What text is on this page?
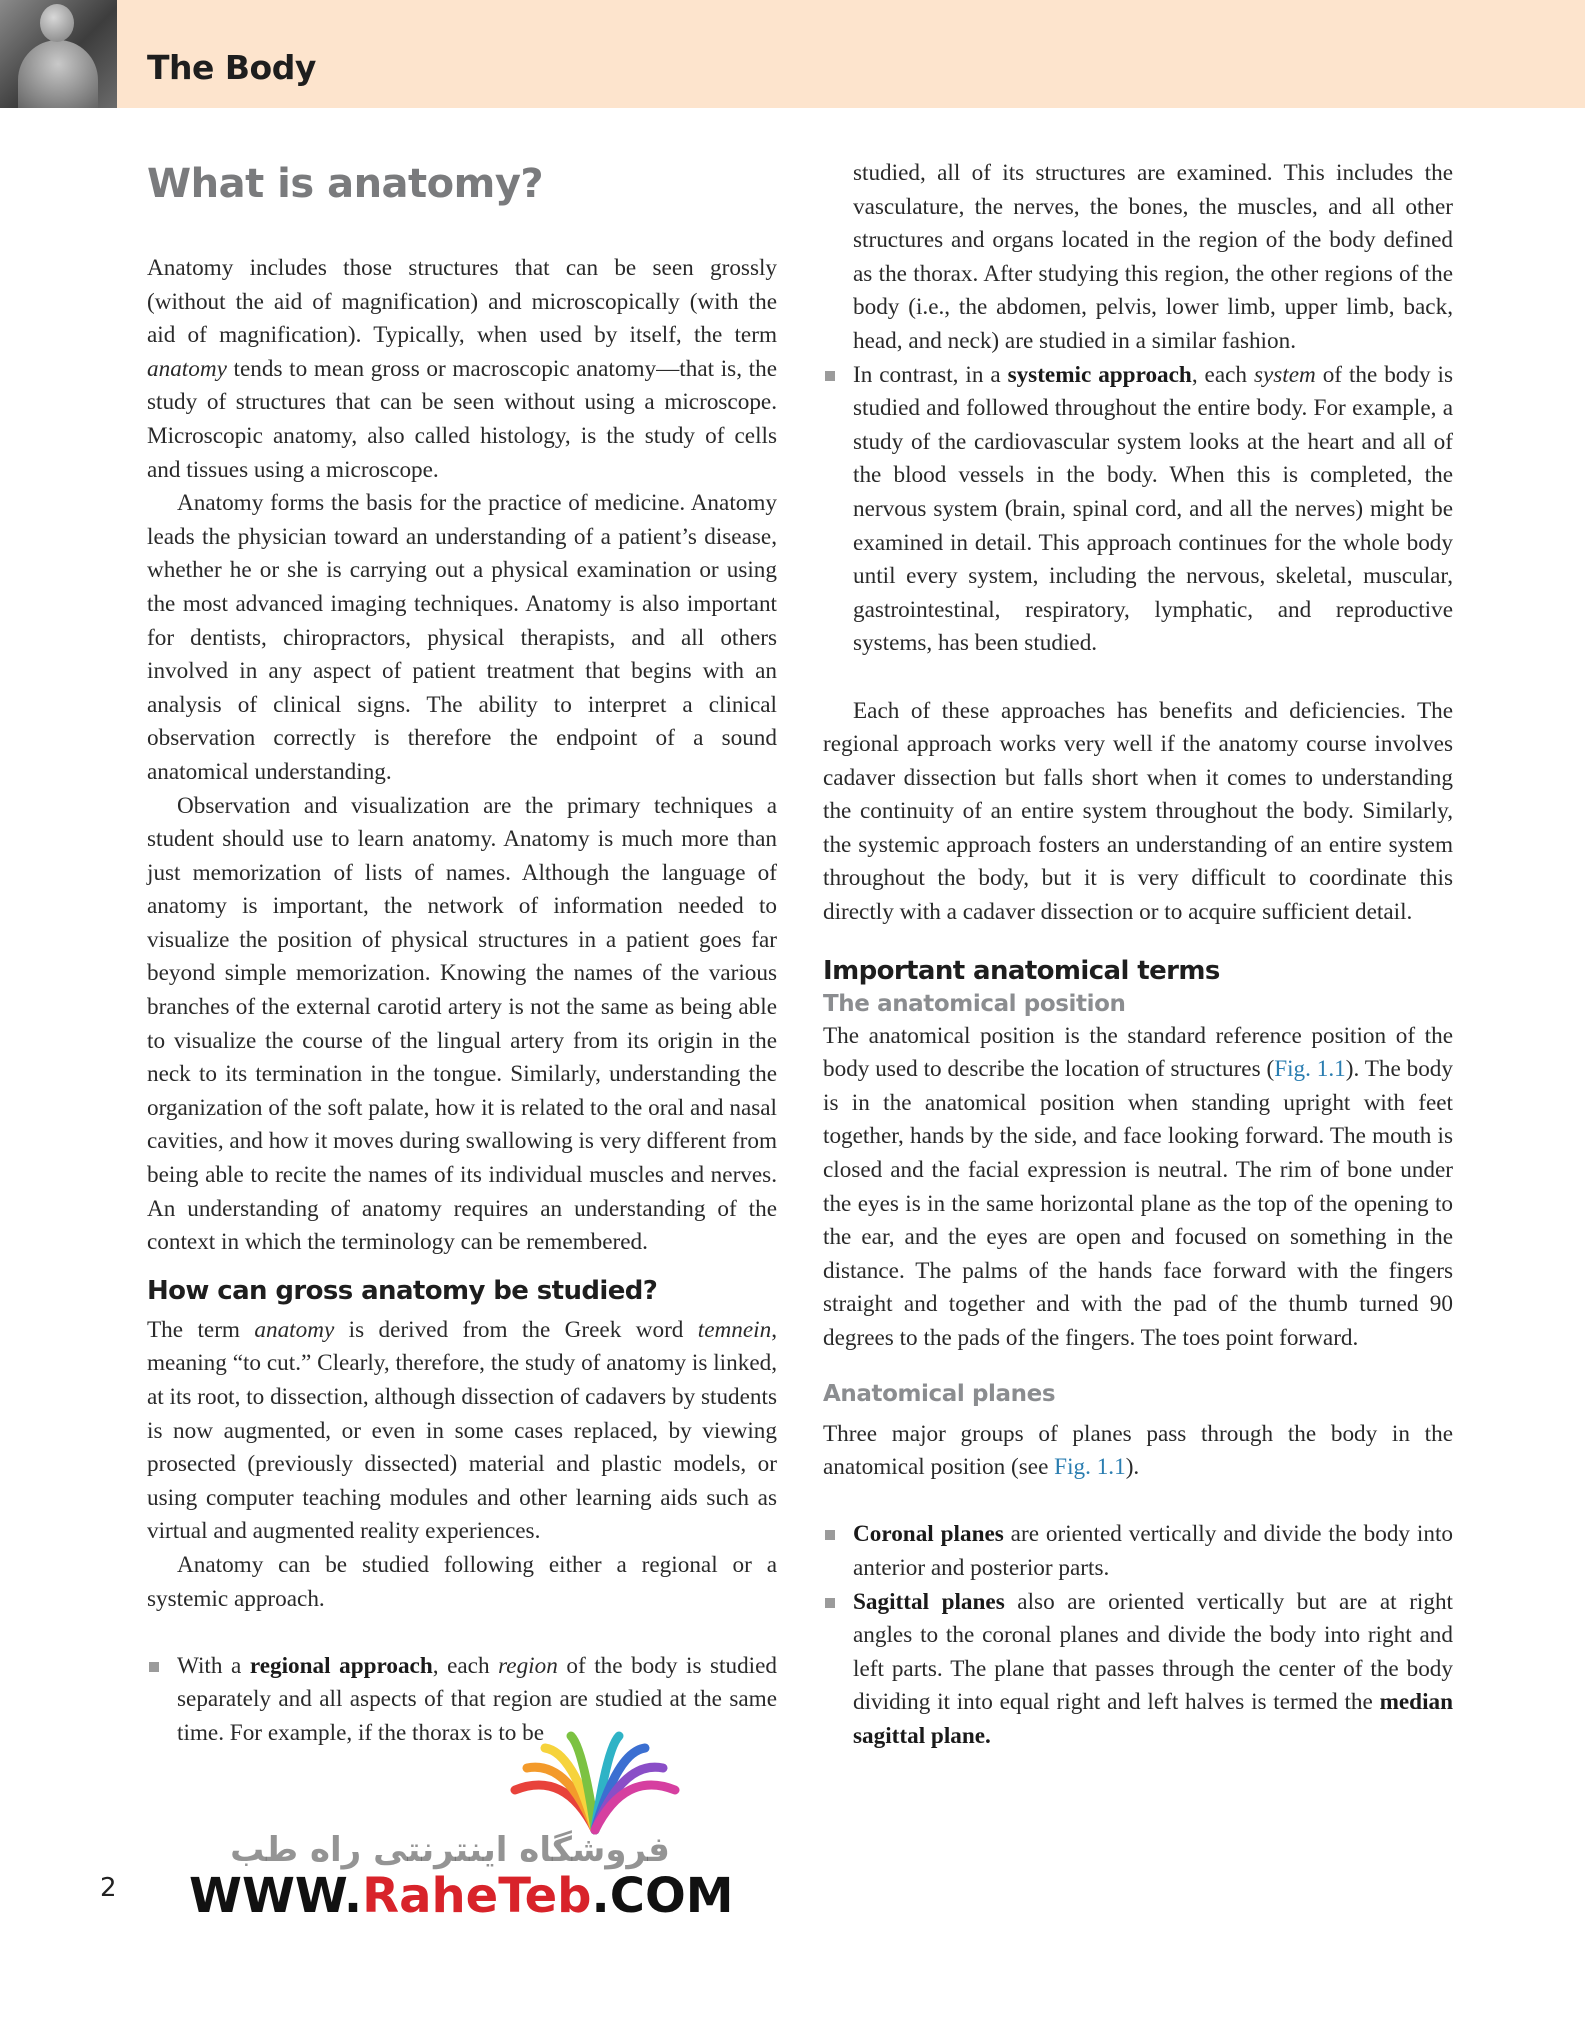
The Body
What is anatomy?

Anatomy includes those structures that can be seen grossly (without the aid of magnification) and microscopically (with the aid of magnification). Typically, when used by itself, the term anatomy tends to mean gross or macroscopic anatomy—that is, the study of structures that can be seen without using a microscope. Microscopic anatomy, also called histology, is the study of cells and tissues using a microscope.

Anatomy forms the basis for the practice of medicine. Anatomy leads the physician toward an understanding of a patient’s disease, whether he or she is carrying out a physical examination or using the most advanced imaging techniques. Anatomy is also important for dentists, chiropractors, physical therapists, and all others involved in any aspect of patient treatment that begins with an analysis of clinical signs. The ability to interpret a clinical observation correctly is therefore the endpoint of a sound anatomical understanding.

Observation and visualization are the primary techniques a student should use to learn anatomy. Anatomy is much more than just memorization of lists of names. Although the language of anatomy is important, the network of information needed to visualize the position of physical structures in a patient goes far beyond simple memorization. Knowing the names of the various branches of the external carotid artery is not the same as being able to visualize the course of the lingual artery from its origin in the neck to its termination in the tongue. Similarly, understanding the organization of the soft palate, how it is related to the oral and nasal cavities, and how it moves during swallowing is very different from being able to recite the names of its individual muscles and nerves. An understanding of anatomy requires an understanding of the context in which the terminology can be remembered.

How can gross anatomy be studied?

The term anatomy is derived from the Greek word temnein, meaning “to cut.” Clearly, therefore, the study of anatomy is linked, at its root, to dissection, although dissection of cadavers by students is now augmented, or even in some cases replaced, by viewing prosected (previously dissected) material and plastic models, or using computer teaching modules and other learning aids such as virtual and augmented reality experiences.

Anatomy can be studied following either a regional or a systemic approach.

With a regional approach, each region of the body is studied separately and all aspects of that region are studied at the same time. For example, if the thorax is to be
studied, all of its structures are examined. This includes the vasculature, the nerves, the bones, the muscles, and all other structures and organs located in the region of the body defined as the thorax. After studying this region, the other regions of the body (i.e., the abdomen, pelvis, lower limb, upper limb, back, head, and neck) are studied in a similar fashion.
In contrast, in a systemic approach, each system of the body is studied and followed throughout the entire body. For example, a study of the cardiovascular system looks at the heart and all of the blood vessels in the body. When this is completed, the nervous system (brain, spinal cord, and all the nerves) might be examined in detail. This approach continues for the whole body until every system, including the nervous, skeletal, muscular, gastrointestinal, respiratory, lymphatic, and reproductive systems, has been studied.

Each of these approaches has benefits and deficiencies. The regional approach works very well if the anatomy course involves cadaver dissection but falls short when it comes to understanding the continuity of an entire system throughout the body. Similarly, the systemic approach fosters an understanding of an entire system throughout the body, but it is very difficult to coordinate this directly with a cadaver dissection or to acquire sufficient detail.

Important anatomical terms
The anatomical position

The anatomical position is the standard reference position of the body used to describe the location of structures (Fig. 1.1). The body is in the anatomical position when standing upright with feet together, hands by the side, and face looking forward. The mouth is closed and the facial expression is neutral. The rim of bone under the eyes is in the same horizontal plane as the top of the opening to the ear, and the eyes are open and focused on something in the distance. The palms of the hands face forward with the fingers straight and together and with the pad of the thumb turned 90 degrees to the pads of the fingers. The toes point forward.

Anatomical planes

Three major groups of planes pass through the body in the anatomical position (see Fig. 1.1).

Coronal planes are oriented vertically and divide the body into anterior and posterior parts.
Sagittal planes also are oriented vertically but are at right angles to the coronal planes and divide the body into right and left parts. The plane that passes through the center of the body dividing it into equal right and left halves is termed the median sagittal plane.
2
فروشگاه اینترنتی راه طب
WWW.RaheTeb.COM
